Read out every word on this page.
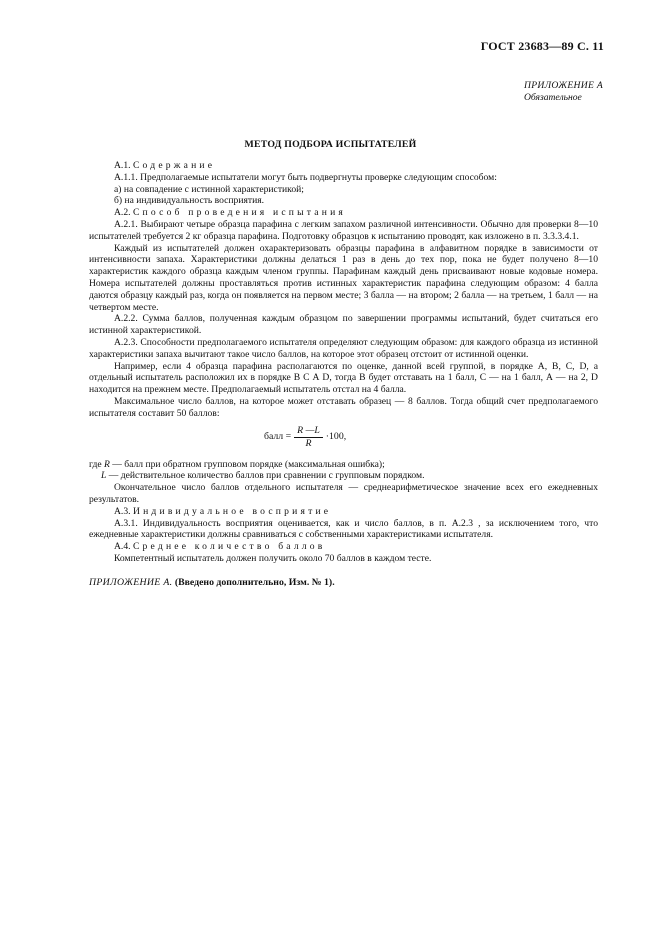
ГОСТ 23683—89 С. 11
ПРИЛОЖЕНИЕ А
Обязательное
МЕТОД ПОДБОРА ИСПЫТАТЕЛЕЙ

А.1. Содержание

А.1.1. Предполагаемые испытатели могут быть подвергнуты проверке следующим способом:

а) на совпадение с истинной характеристикой;

б) на индивидуальность восприятия.

А.2. Способ проведения испытания

А.2.1. Выбирают четыре образца парафина с легким запахом различной интенсивности. Обычно для проверки 8—10 испытателей требуется 2 кг образца парафина. Подготовку образцов к испытанию проводят, как изложено в п. 3.3.3.4.1.

Каждый из испытателей должен охарактеризовать образцы парафина в алфавитном порядке в зависимости от интенсивности запаха. Характеристики должны делаться 1 раз в день до тех пор, пока не будет получено 8—10 характеристик каждого образца каждым членом группы. Парафинам каждый день присваивают новые кодовые номера. Номера испытателей должны проставляться против истинных характеристик парафина следующим образом: 4 балла даются образцу каждый раз, когда он появляется на первом месте; 3 балла — на втором; 2 балла — на третьем, 1 балл — на четвертом месте.

А.2.2. Сумма баллов, полученная каждым образцом по завершении программы испытаний, будет считаться его истинной характеристикой.

А.2.3. Способности предполагаемого испытателя определяют следующим образом: для каждого образца из истинной характеристики запаха вычитают такое число баллов, на которое этот образец отстоит от истинной оценки.

Например, если 4 образца парафина располагаются по оценке, данной всей группой, в порядке А, В, С, D, а отдельный испытатель расположил их в порядке В С А D, тогда В будет отставать на 1 балл, С — на 1 балл, А — на 2, D находится на прежнем месте. Предполагаемый испытатель отстал на 4 балла.

Максимальное число баллов, на которое может отставать образец — 8 баллов. Тогда общий счет предполагаемого испытателя составит 50 баллов:

балл = $\frac{R —L}{R} \cdot 100$,

где R — балл при обратном групповом порядке (максимальная ошибка);

L — действительное количество баллов при сравнении с групповым порядком.

Окончательное число баллов отдельного испытателя — среднеарифметическое значение всех его ежедневных результатов.

А.3. Индивидуальное восприятие

А.3.1. Индивидуальность восприятия оценивается, как и число баллов, в п. А.2.3 , за исключением того, что ежедневные характеристики должны сравниваться с собственными характеристиками испытателя.

А.4. Среднее количество баллов

Компетентный испытатель должен получить около 70 баллов в каждом тесте.

ПРИЛОЖЕНИЕ А. (Введено дополнительно, Изм. № 1).
